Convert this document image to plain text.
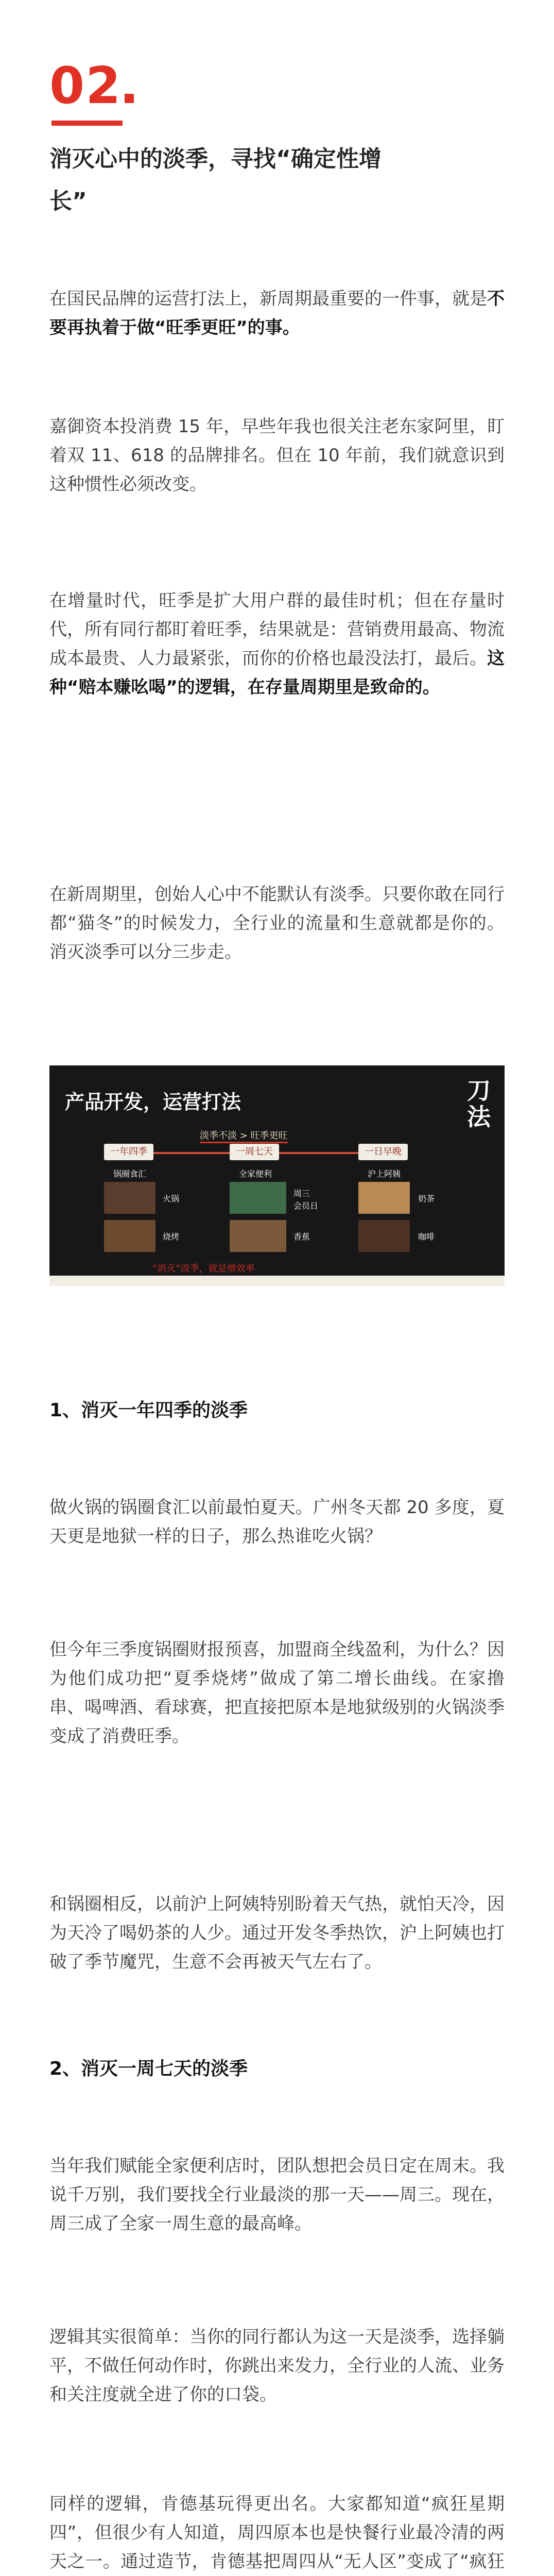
02
消灭心中的淡季，寻找“确定性增
长”

在国民品牌的运营打法上，新周期最重要的一件事，就是不要再执着于做“旺季更旺”的事。

嘉御资本投消费 15 年，早些年我也很关注老东家阿里，盯着双 11、618 的品牌排名。但在 10 年前，我们就意识到这种惯性必须改变。

在增量时代，旺季是扩大用户群的最佳时机；但在存量时代，所有同行都盯着旺季，结果就是：营销费用最高、物流成本最贵、人力最紧张，而你的价格也最没法打，最后。这种“赔本赚吆喝”的逻辑，在存量周期里是致命的。

在新周期里，创始人心中不能默认有淡季。只要你敢在同行都“猫冬”的时候发力，全行业的流量和生意就都是你的。消灭淡季可以分三步走。

产品开发，运营打法
淡季不淡 > 旺季更旺
刀
法
一年四季	一周七天	一日早晚
锅圈食汇	全家便利	沪上阿姨
火锅
烧烤
周三
会员日
香蕉
奶茶
咖啡
“消灭”淡季，就是增效率
1、消灭一年四季的淡季

做火锅的锅圈食汇以前最怕夏天。广州冬天都 20 多度，夏天更是地狱一样的日子，那么热谁吃火锅？

但今年三季度锅圈财报预喜，加盟商全线盈利，为什么？因为他们成功把“夏季烧烤”做成了第二增长曲线。在家撸串、喝啤酒、看球赛，把直接把原本是地狱级别的火锅淡季变成了消费旺季。

和锅圈相反，以前沪上阿姨特别盼着天气热，就怕天冷，因为天冷了喝奶茶的人少。通过开发冬季热饮，沪上阿姨也打破了季节魔咒，生意不会再被天气左右了。

2、消灭一周七天的淡季

当年我们赋能全家便利店时，团队想把会员日定在周末。我说千万别，我们要找全行业最淡的那一天——周三。现在，周三成了全家一周生意的最高峰。

逻辑其实很简单：当你的同行都认为这一天是淡季，选择躺平，不做任何动作时，你跳出来发力，全行业的人流、业务和关注度就全进了你的口袋。

同样的逻辑，肯德基玩得更出名。大家都知道“疯狂星期四”，但很少有人知道，周四原本也是快餐行业最冷清的两天之一。通过造节，肯德基把周四从“无人区”变成了“疯狂
